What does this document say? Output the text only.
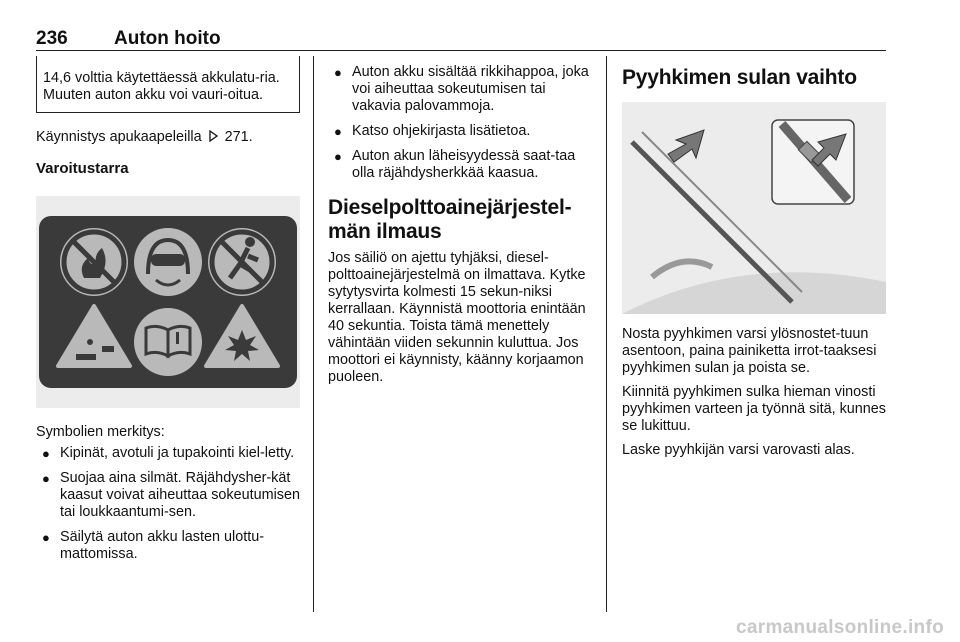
236 Auton hoito

14,6 volttia käytettäessä akkulatu-ria. Muuten auton akku voi vauri-oitua.

Käynnistys apukaapeleilla 271.

Varoitustarra

Symbolien merkitys:

● Kipinät, avotuli ja tupakointi kiel-letty.
● Suojaa aina silmät. Räjähdysher-kät kaasut voivat aiheuttaa sokeutumisen tai loukkaantumi-sen.
● Säilytä auton akku lasten ulottu-mattomissa.
● Auton akku sisältää rikkihappoa, joka voi aiheuttaa sokeutumisen tai vakavia palovammoja.
● Katso ohjekirjasta lisätietoa.
● Auton akun läheisyydessä saat-taa olla räjähdysherkkää kaasua.
Dieselpolttoainejärjestel-män ilmaus

Jos säiliö on ajettu tyhjäksi, diesel-polttoainejärjestelmä on ilmattava. Kytke sytytysvirta kolmesti 15 sekun-niksi kerrallaan. Käynnistä moottoria enintään 40 sekuntia. Toista tämä menettely vähintään viiden sekunnin kuluttua. Jos moottori ei käynnisty, käänny korjaamon puoleen.

Pyyhkimen sulan vaihto

Nosta pyyhkimen varsi ylösnostet-tuun asentoon, paina painiketta irrot-taaksesi pyyhkimen sulan ja poista se.

Kiinnitä pyyhkimen sulka hieman vinosti pyyhkimen varteen ja työnnä sitä, kunnes se lukittuu.

Laske pyyhkijän varsi varovasti alas.

carmanualsonline.info
